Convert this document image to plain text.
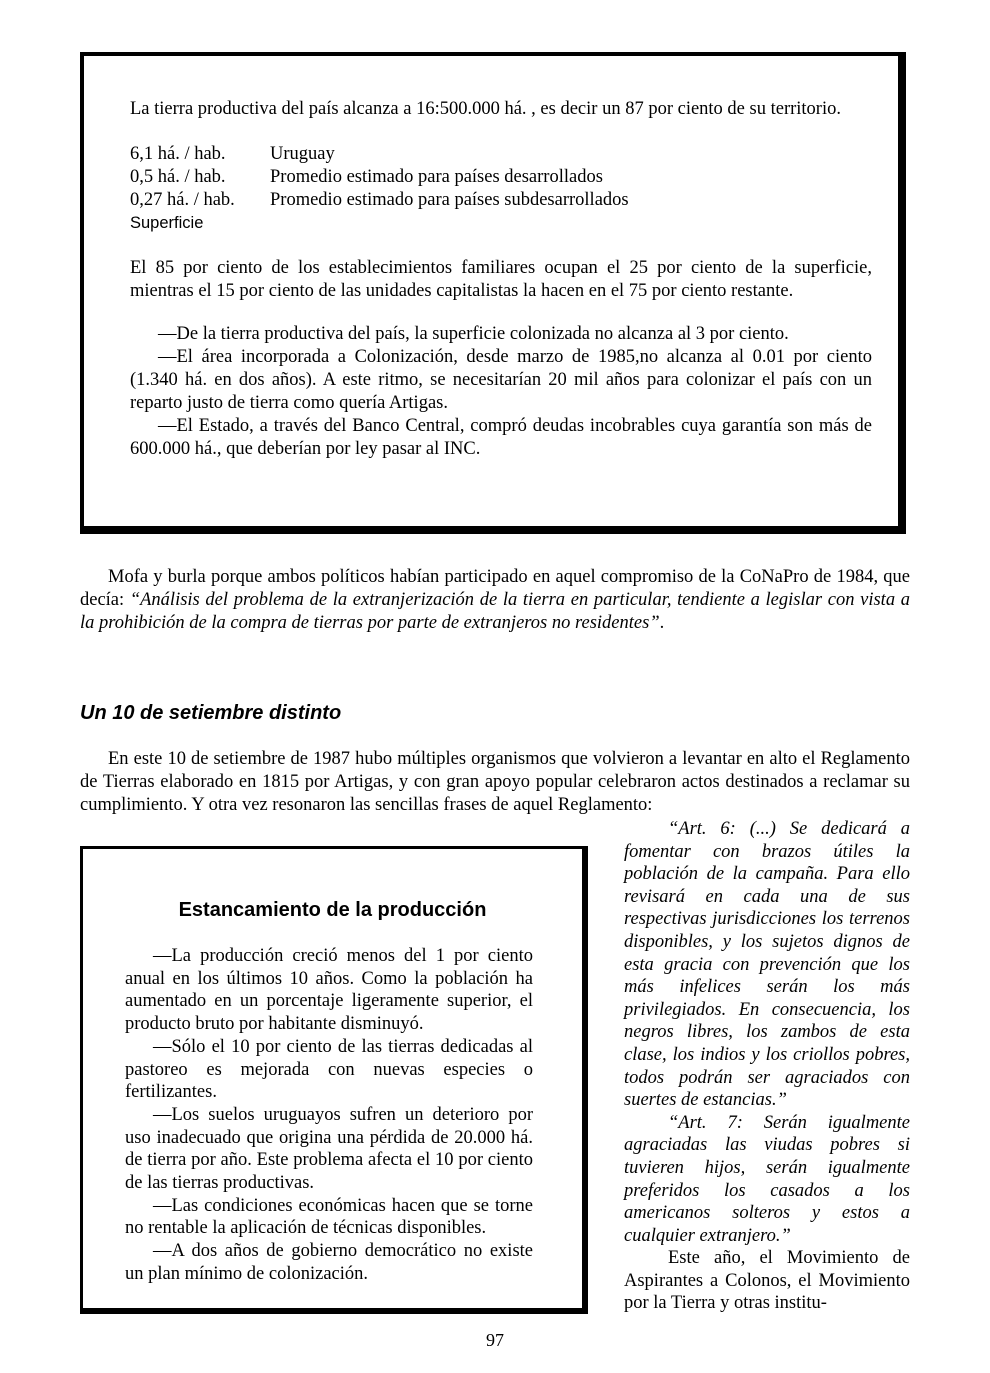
La tierra productiva del país alcanza a 16:500.000 há. , es decir un 87 por ciento de su territorio.

6,1 há. / hab.	Uruguay
0,5 há. / hab.	Promedio estimado para países desarrollados
0,27 há. / hab.	Promedio estimado para países subdesarrollados

Superficie

El 85 por ciento de los establecimientos familiares ocupan el 25 por ciento de la superficie, mientras el 15 por ciento de las unidades capitalistas la hacen en el 75 por ciento restante.

—De la tierra productiva del país, la superficie colonizada no alcanza al 3 por ciento.

—El área incorporada a Colonización, desde marzo de 1985,no alcanza al 0.01 por ciento (1.340 há. en dos años). A este ritmo, se necesitarían 20 mil años para colonizar el país con un reparto justo de tierra como quería Artigas.

—El Estado, a través del Banco Central, compró deudas incobrables cuya garantía son más de 600.000 há., que deberían por ley pasar al INC.

Mofa y burla porque ambos políticos habían participado en aquel compromiso de la CoNaPro de 1984, que decía: “Análisis del problema de la extranjerización de la tierra en particular, tendiente a legislar con vista a la prohibición de la compra de tierras por parte de extranjeros no residentes”.

Un 10 de setiembre distinto

En este 10 de setiembre de 1987 hubo múltiples organismos que volvieron a levantar en alto el Reglamento de Tierras elaborado en 1815 por Artigas, y con gran apoyo popular celebraron actos destinados a reclamar su cumplimiento. Y otra vez resonaron las sencillas frases de aquel Reglamento:

Estancamiento de la producción

—La producción creció menos del 1 por ciento anual en los últimos 10 años. Como la población ha aumentado en un porcentaje ligeramente superior, el producto bruto por habitante disminuyó.

—Sólo el 10 por ciento de las tierras dedicadas al pastoreo es mejorada con nuevas especies o fertilizantes.

—Los suelos uruguayos sufren un deterioro por uso inadecuado que origina una pérdida de 20.000 há. de tierra por año. Este problema afecta el 10 por ciento de las tierras productivas.

—Las condiciones económicas hacen que se torne no rentable la aplicación de técnicas disponibles.

—A dos años de gobierno democrático no existe un plan mínimo de colonización.

“Art. 6: (...) Se dedicará a fomentar con brazos útiles la población de la campaña. Para ello revisará en cada una de sus respectivas jurisdicciones los terrenos disponibles, y los sujetos dignos de esta gracia con prevención que los más infelices serán los más privilegiados. En consecuencia, los negros libres, los zambos de esta clase, los indios y los criollos pobres, todos podrán ser agraciados con suertes de estancias.”

“Art. 7: Serán igualmente agraciadas las viudas pobres si tuvieren hijos, serán igualmente preferidos los casados a los americanos solteros y estos a cualquier extranjero.”

Este año, el Movimiento de Aspirantes a Colonos, el Movimiento por la Tierra y otras institu-

97
